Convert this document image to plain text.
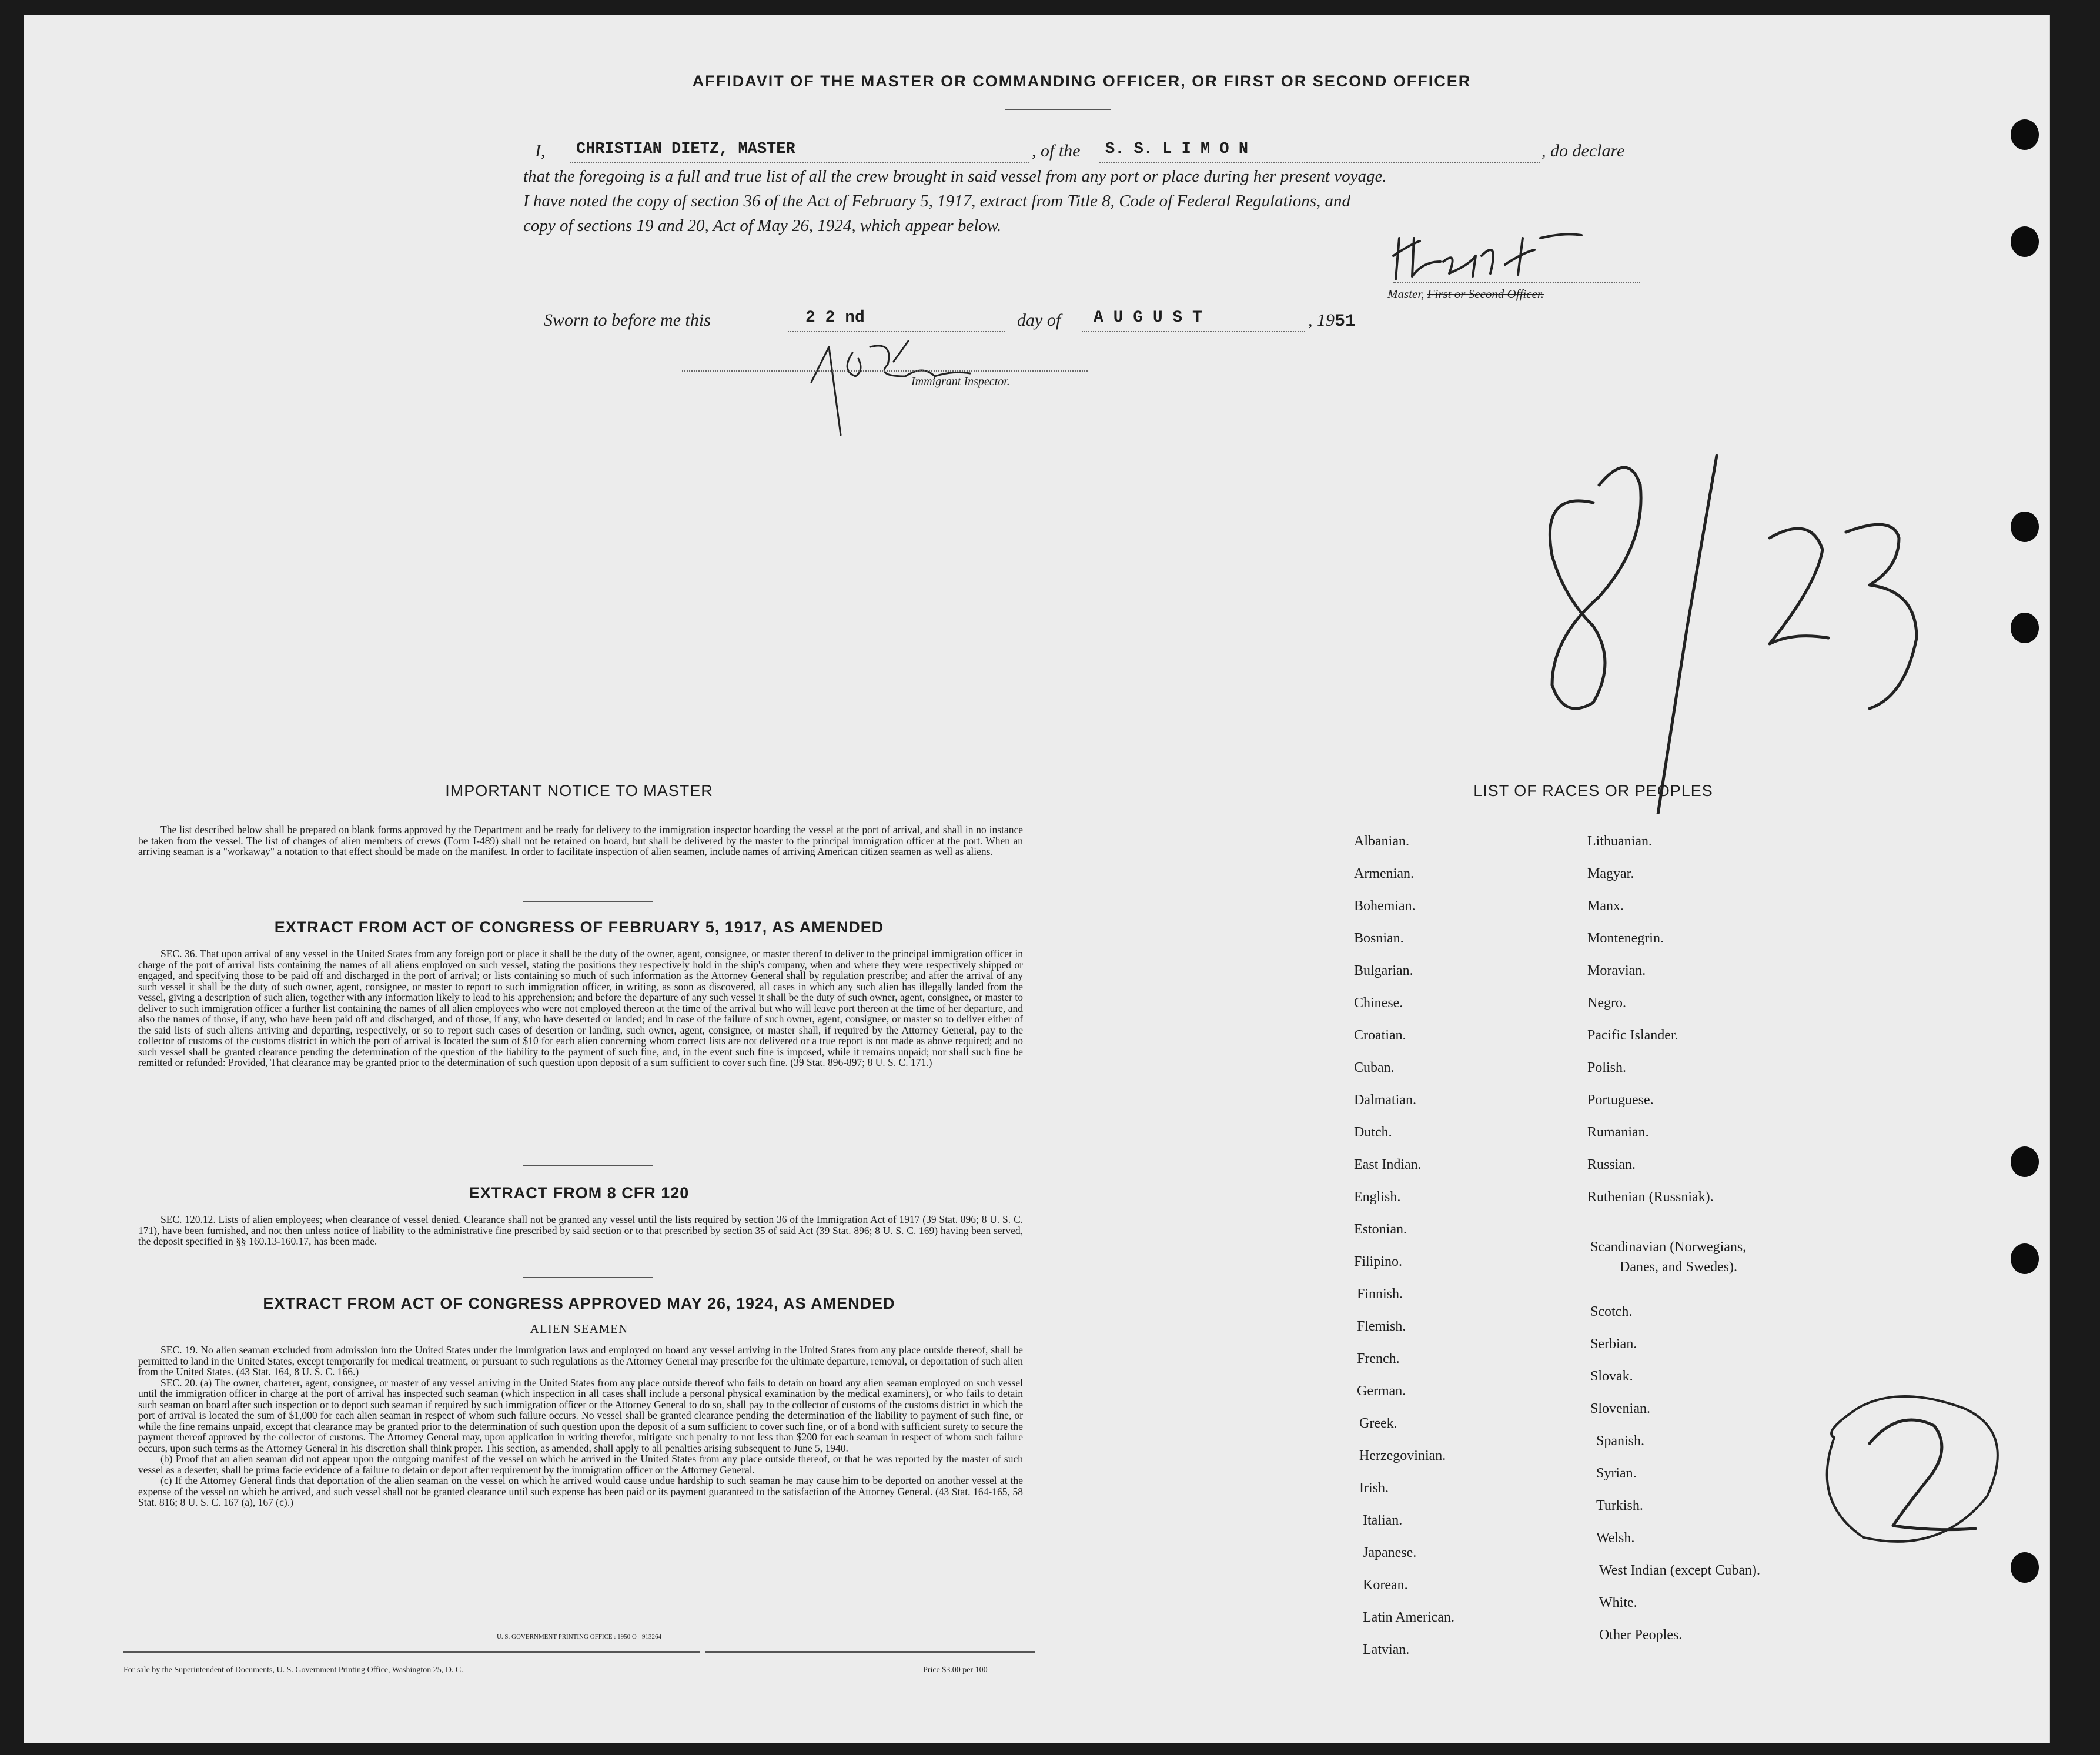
AFFIDAVIT OF THE MASTER OR COMMANDING OFFICER, OR FIRST OR SECOND OFFICER
I, CHRISTIAN DIETZ, MASTER	, of the S. S. L I M O N	, do declare
that the foregoing is a full and true list of all the crew brought in said vessel from any port or place during her present voyage.
I have noted the copy of section 36 of the Act of February 5, 1917, extract from Title 8, Code of Federal Regulations, and
copy of sections 19 and 20, Act of May 26, 1924, which appear below.
Master, First or Second Officer.
Sworn to before me this	2 2 nd	day of A U G U S T	, 1951
Immigrant Inspector.
IMPORTANT NOTICE TO MASTER

The list described below shall be prepared on blank forms approved by the Department and be ready for delivery to the immigration inspector boarding the vessel at the port of arrival, and shall in no instance be taken from the vessel. The list of changes of alien members of crews (Form I-489) shall not be retained on board, but shall be delivered by the master to the principal immigration officer at the port. When an arriving seaman is a "workaway" a notation to that effect should be made on the manifest. In order to facilitate inspection of alien seamen, include names of arriving American citizen seamen as well as aliens.

EXTRACT FROM ACT OF CONGRESS OF FEBRUARY 5, 1917, AS AMENDED

SEC. 36. That upon arrival of any vessel in the United States from any foreign port or place it shall be the duty of the owner, agent, consignee, or master thereof to deliver to the principal immigration officer in charge of the port of arrival lists containing the names of all aliens employed on such vessel, stating the positions they respectively hold in the ship's company, when and where they were respectively shipped or engaged, and specifying those to be paid off and discharged in the port of arrival; or lists containing so much of such information as the Attorney General shall by regulation prescribe; and after the arrival of any such vessel it shall be the duty of such owner, agent, consignee, or master to report to such immigration officer, in writing, as soon as discovered, all cases in which any such alien has illegally landed from the vessel, giving a description of such alien, together with any information likely to lead to his apprehension; and before the departure of any such vessel it shall be the duty of such owner, agent, consignee, or master to deliver to such immigration officer a further list containing the names of all alien employees who were not employed thereon at the time of the arrival but who will leave port thereon at the time of her departure, and also the names of those, if any, who have been paid off and discharged, and of those, if any, who have deserted or landed; and in case of the failure of such owner, agent, consignee, or master so to deliver either of the said lists of such aliens arriving and departing, respectively, or so to report such cases of desertion or landing, such owner, agent, consignee, or master shall, if required by the Attorney General, pay to the collector of customs of the customs district in which the port of arrival is located the sum of $10 for each alien concerning whom correct lists are not delivered or a true report is not made as above required; and no such vessel shall be granted clearance pending the determination of the question of the liability to the payment of such fine, and, in the event such fine is imposed, while it remains unpaid; nor shall such fine be remitted or refunded: Provided, That clearance may be granted prior to the determination of such question upon deposit of a sum sufficient to cover such fine. (39 Stat. 896-897; 8 U. S. C. 171.)

EXTRACT FROM 8 CFR 120

SEC. 120.12. Lists of alien employees; when clearance of vessel denied. Clearance shall not be granted any vessel until the lists required by section 36 of the Immigration Act of 1917 (39 Stat. 896; 8 U. S. C. 171), have been furnished, and not then unless notice of liability to the administrative fine prescribed by said section or to that prescribed by section 35 of said Act (39 Stat. 896; 8 U. S. C. 169) having been served, the deposit specified in §§ 160.13-160.17, has been made.

EXTRACT FROM ACT OF CONGRESS APPROVED MAY 26, 1924, AS AMENDED
ALIEN SEAMEN

SEC. 19. No alien seaman excluded from admission into the United States under the immigration laws and employed on board any vessel arriving in the United States from any place outside thereof, shall be permitted to land in the United States, except temporarily for medical treatment, or pursuant to such regulations as the Attorney General may prescribe for the ultimate departure, removal, or deportation of such alien from the United States. (43 Stat. 164, 8 U. S. C. 166.)

SEC. 20. (a) The owner, charterer, agent, consignee, or master of any vessel arriving in the United States from any place outside thereof who fails to detain on board any alien seaman employed on such vessel until the immigration officer in charge at the port of arrival has inspected such seaman (which inspection in all cases shall include a personal physical examination by the medical examiners), or who fails to detain such seaman on board after such inspection or to deport such seaman if required by such immigration officer or the Attorney General to do so, shall pay to the collector of customs of the customs district in which the port of arrival is located the sum of $1,000 for each alien seaman in respect of whom such failure occurs. No vessel shall be granted clearance pending the determination of the liability to payment of such fine, or while the fine remains unpaid, except that clearance may be granted prior to the determination of such question upon the deposit of a sum sufficient to cover such fine, or of a bond with sufficient surety to secure the payment thereof approved by the collector of customs. The Attorney General may, upon application in writing therefor, mitigate such penalty to not less than $200 for each seaman in respect of whom such failure occurs, upon such terms as the Attorney General in his discretion shall think proper. This section, as amended, shall apply to all penalties arising subsequent to June 5, 1940.

(b) Proof that an alien seaman did not appear upon the outgoing manifest of the vessel on which he arrived in the United States from any place outside thereof, or that he was reported by the master of such vessel as a deserter, shall be prima facie evidence of a failure to detain or deport after requirement by the immigration officer or the Attorney General.

(c) If the Attorney General finds that deportation of the alien seaman on the vessel on which he arrived would cause undue hardship to such seaman he may cause him to be deported on another vessel at the expense of the vessel on which he arrived, and such vessel shall not be granted clearance until such expense has been paid or its payment guaranteed to the satisfaction of the Attorney General. (43 Stat. 164-165, 58 Stat. 816; 8 U. S. C. 167 (a), 167 (c).)

U. S. GOVERNMENT PRINTING OFFICE : 1950 O - 913264
For sale by the Superintendent of Documents, U. S. Government Printing Office, Washington 25, D. C.	Price $3.00 per 100
LIST OF RACES OR PEOPLES
Albanian.
Armenian.
Bohemian.
Bosnian.
Bulgarian.
Chinese.
Croatian.
Cuban.
Dalmatian.
Dutch.
East Indian.
English.
Estonian.
Filipino.
Finnish.
Flemish.
French.
German.
Greek.
Herzegovinian.
Irish.
Italian.
Japanese.
Korean.
Latin American.
Latvian.
Lithuanian.
Magyar.
Manx.
Montenegrin.
Moravian.
Negro.
Pacific Islander.
Polish.
Portuguese.
Rumanian.
Russian.
Ruthenian (Russniak).
Scandinavian (Norwegians,
Danes, and Swedes).
Scotch.
Serbian.
Slovak.
Slovenian.
Spanish.
Syrian.
Turkish.
Welsh.
West Indian (except Cuban).
White.
Other Peoples.
